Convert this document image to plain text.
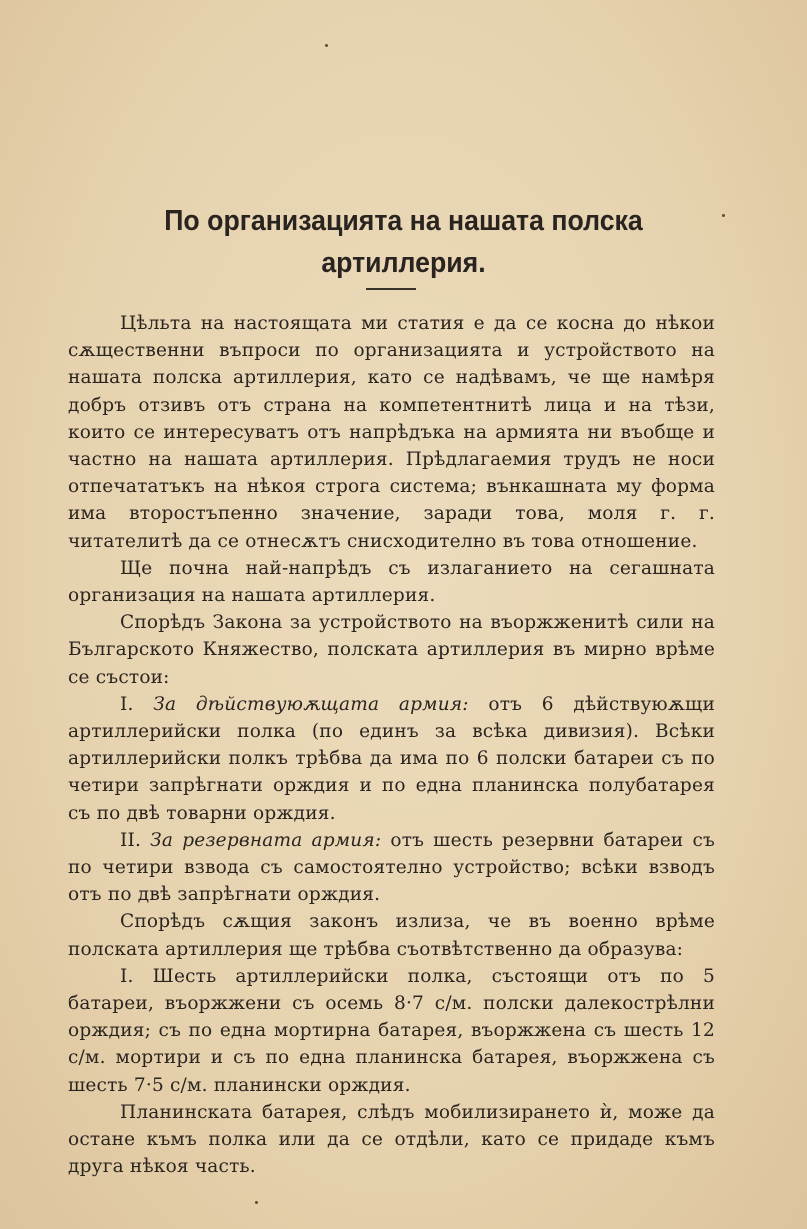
По организацията на нашата полска
артиллерия.

Цѣльта на настоящата ми статия е да се косна до нѣкои сѫщественни въпроси по организацията и устройството на нашата полска артиллерия, като се надѣвамъ, че ще намѣря добръ отзивъ отъ страна на компетентнитѣ лица и на тѣзи, които се интересуватъ отъ напрѣдъка на армията ни въобще и частно на нашата артиллерия. Прѣдлагаемия трудъ не носи отпечататъкъ на нѣкоя строга система; вънкашната му форма има второстъпенно значение, заради това, моля г. г. читателитѣ да се отнесѫтъ снисходително въ това отношение.

Ще почна най-напрѣдъ съ излаганието на сегашната организация на нашата артиллерия.

Спорѣдъ Закона за устройството на въоржженитѣ сили на Българското Княжество, полската артиллерия въ мирно врѣме се състои:

I. За дѣйствуюѫщата армия: отъ 6 дѣйствуюѫщи артиллерийски полка (по единъ за всѣка дивизия). Всѣки артиллерийски полкъ трѣбва да има по 6 полски батареи съ по четири запрѣгнати орждия и по една планинска полубатарея съ по двѣ товарни орждия.

II. За резервната армия: отъ шесть резервни батареи съ по четири взвода съ самостоятелно устройство; всѣки взводъ отъ по двѣ запрѣгнати орждия.

Спорѣдъ сѫщия законъ излиза, че въ военно врѣме полската артиллерия ще трѣбва съотвѣтственно да образува:

I. Шесть артиллерийски полка, състоящи отъ по 5 батареи, въоржжени съ осемь 8·7 с/м. полски далекострѣлни орждия; съ по една мортирна батарея, въоржжена съ шесть 12 с/м. мортири и съ по една планинска батарея, въоржжена съ шесть 7·5 с/м. планински орждия.

Планинската батарея, слѣдъ мобилизирането ѝ, може да остане къмъ полка или да се отдѣли, като се придаде къмъ друга нѣкоя часть.
